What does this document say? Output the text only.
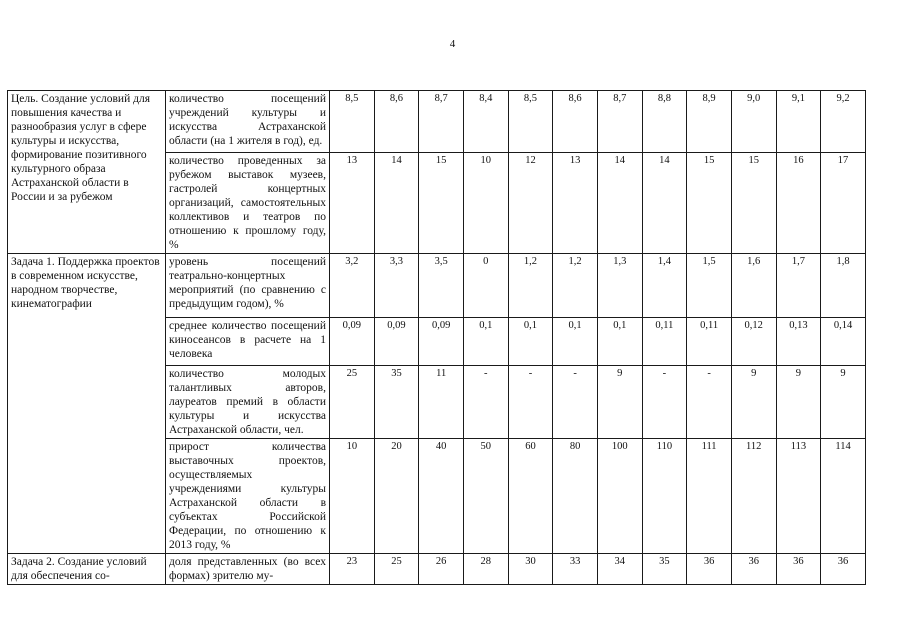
4
Цель. Создание условий для повышения качества и разнообразия услуг в сфере культуры и искусства, формирование позитивного культурного образа Астраханской области в России и за рубежом	количество посещений учреждений культуры и искусства Астраханской области (на 1 жителя в год), ед.	8,5	8,6	8,7	8,4	8,5	8,6	8,7	8,8	8,9	9,0	9,1	9,2
	количество проведенных за рубежом выставок музеев, гастролей концертных организаций, самостоятельных коллективов и театров по отношению к прошлому году, %	13	14	15	10	12	13	14	14	15	15	16	17
Задача 1. Поддержка проектов в современном искусстве, народном творчестве, кинематографии	уровень посещений театрально-концертных мероприятий (по сравнению с предыдущим годом), %	3,2	3,3	3,5	0	1,2	1,2	1,3	1,4	1,5	1,6	1,7	1,8
	среднее количество посещений киносеансов в расчете на 1 человека	0,09	0,09	0,09	0,1	0,1	0,1	0,1	0,11	0,11	0,12	0,13	0,14
	количество молодых талантливых авторов, лауреатов премий в области культуры и искусства Астраханской области, чел.	25	35	11	-	-	-	9	-	-	9	9	9
	прирост количества выставочных проектов, осуществляемых учреждениями культуры Астраханской области в субъектах Российской Федерации, по отношению к 2013 году, %	10	20	40	50	60	80	100	110	111	112	113	114
Задача 2. Создание условий для обеспечения со-	доля представленных (во всех формах) зрителю му-	23	25	26	28	30	33	34	35	36	36	36	36
